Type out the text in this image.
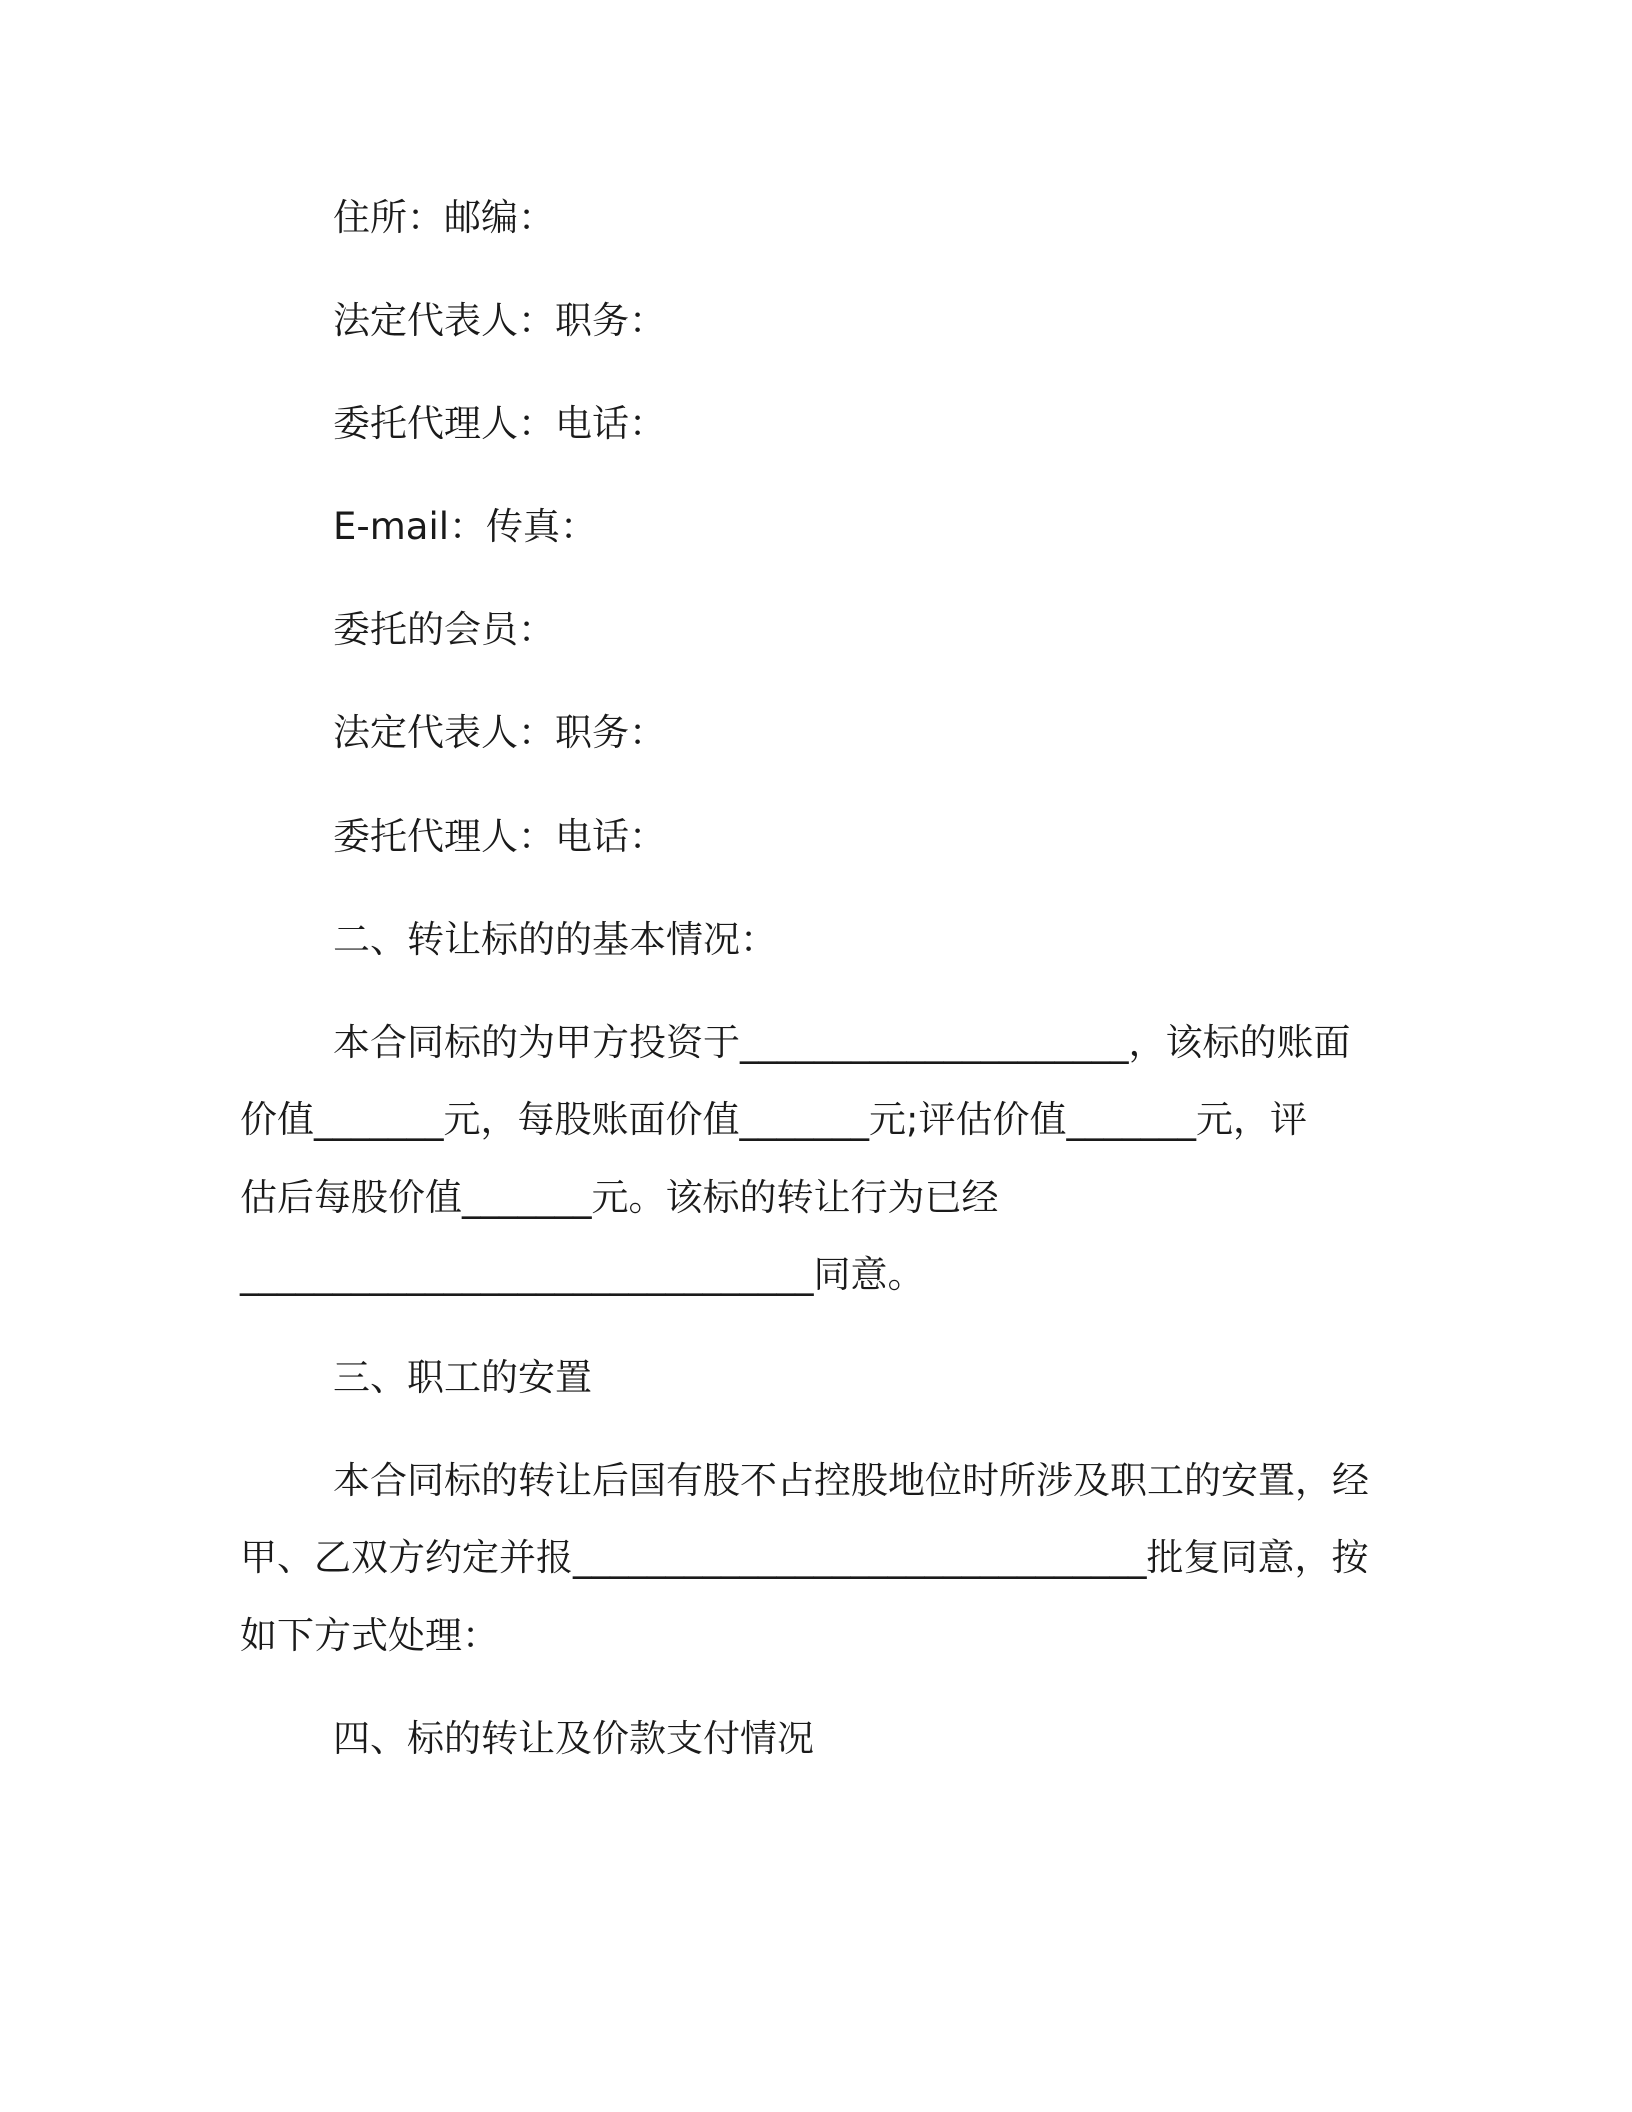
住所：邮编：
法定代表人：职务：
委托代理人：电话：
E-mail：传真：
委托的会员：
法定代表人：职务：
委托代理人：电话：
二、转让标的的基本情况：
本合同标的为甲方投资于_____________________，该标的账面
价值_______元，每股账面价值_______元;评估价值_______元，评
估后每股价值_______元。该标的转让行为已经
_______________________________同意。
三、职工的安置
本合同标的转让后国有股不占控股地位时所涉及职工的安置，经
甲、乙双方约定并报_______________________________批复同意，按
如下方式处理：
四、标的转让及价款支付情况
